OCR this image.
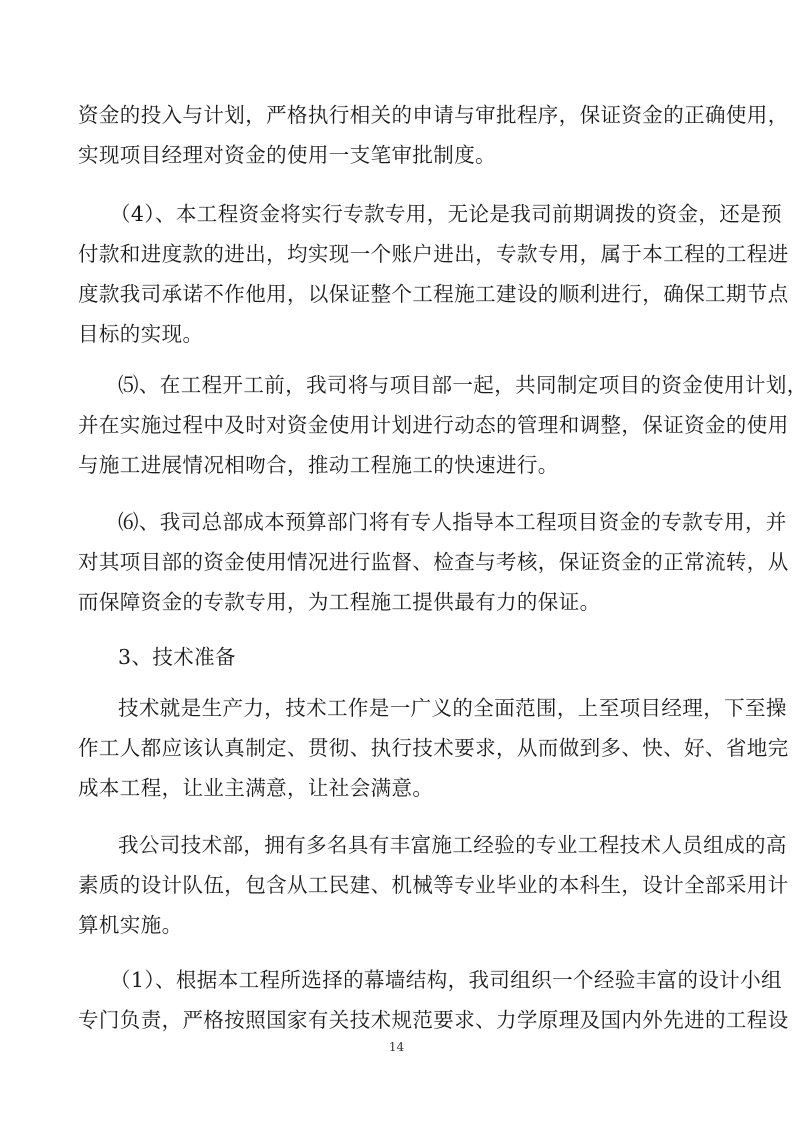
资金的投入与计划，严格执行相关的申请与审批程序，保证资金的正确使用，
实现项目经理对资金的使用一支笔审批制度。
（4）、本工程资金将实行专款专用，无论是我司前期调拨的资金，还是预
付款和进度款的进出，均实现一个账户进出，专款专用，属于本工程的工程进
度款我司承诺不作他用，以保证整个工程施工建设的顺利进行，确保工期节点
目标的实现。
⑸、在工程开工前，我司将与项目部一起，共同制定项目的资金使用计划，
并在实施过程中及时对资金使用计划进行动态的管理和调整，保证资金的使用
与施工进展情况相吻合，推动工程施工的快速进行。
⑹、我司总部成本预算部门将有专人指导本工程项目资金的专款专用，并
对其项目部的资金使用情况进行监督、检查与考核，保证资金的正常流转，从
而保障资金的专款专用，为工程施工提供最有力的保证。
3、技术准备
技术就是生产力，技术工作是一广义的全面范围，上至项目经理，下至操
作工人都应该认真制定、贯彻、执行技术要求，从而做到多、快、好、省地完
成本工程，让业主满意，让社会满意。
我公司技术部，拥有多名具有丰富施工经验的专业工程技术人员组成的高
素质的设计队伍，包含从工民建、机械等专业毕业的本科生，设计全部采用计
算机实施。
（1）、根据本工程所选择的幕墙结构，我司组织一个经验丰富的设计小组
专门负责，严格按照国家有关技术规范要求、力学原理及国内外先进的工程设
14
